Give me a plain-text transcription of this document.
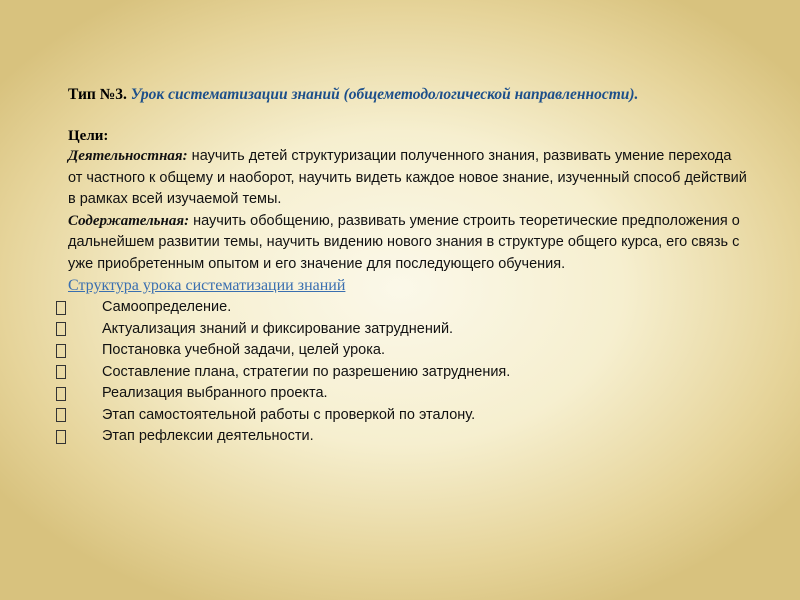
Тип №3. Урок систематизации знаний (общеметодологической направленности).

Цели:

Деятельностная: научить детей структуризации полученного знания, развивать умение перехода от частного к общему и наоборот, научить видеть каждое новое знание, изученный способ действий в рамках всей изучаемой темы.

Содержательная: научить обобщению, развивать умение строить теоретические предположения о дальнейшем развитии темы, научить видению нового знания в структуре общего курса, его связь с уже приобретенным опытом и его значение для последующего обучения.

Структура урока систематизации знаний
Самоопределение.
Актуализация знаний и фиксирование затруднений.
Постановка учебной задачи, целей урока.
Составление плана, стратегии по разрешению затруднения.
Реализация выбранного проекта.
Этап самостоятельной работы с проверкой по эталону.
Этап рефлексии деятельности.
